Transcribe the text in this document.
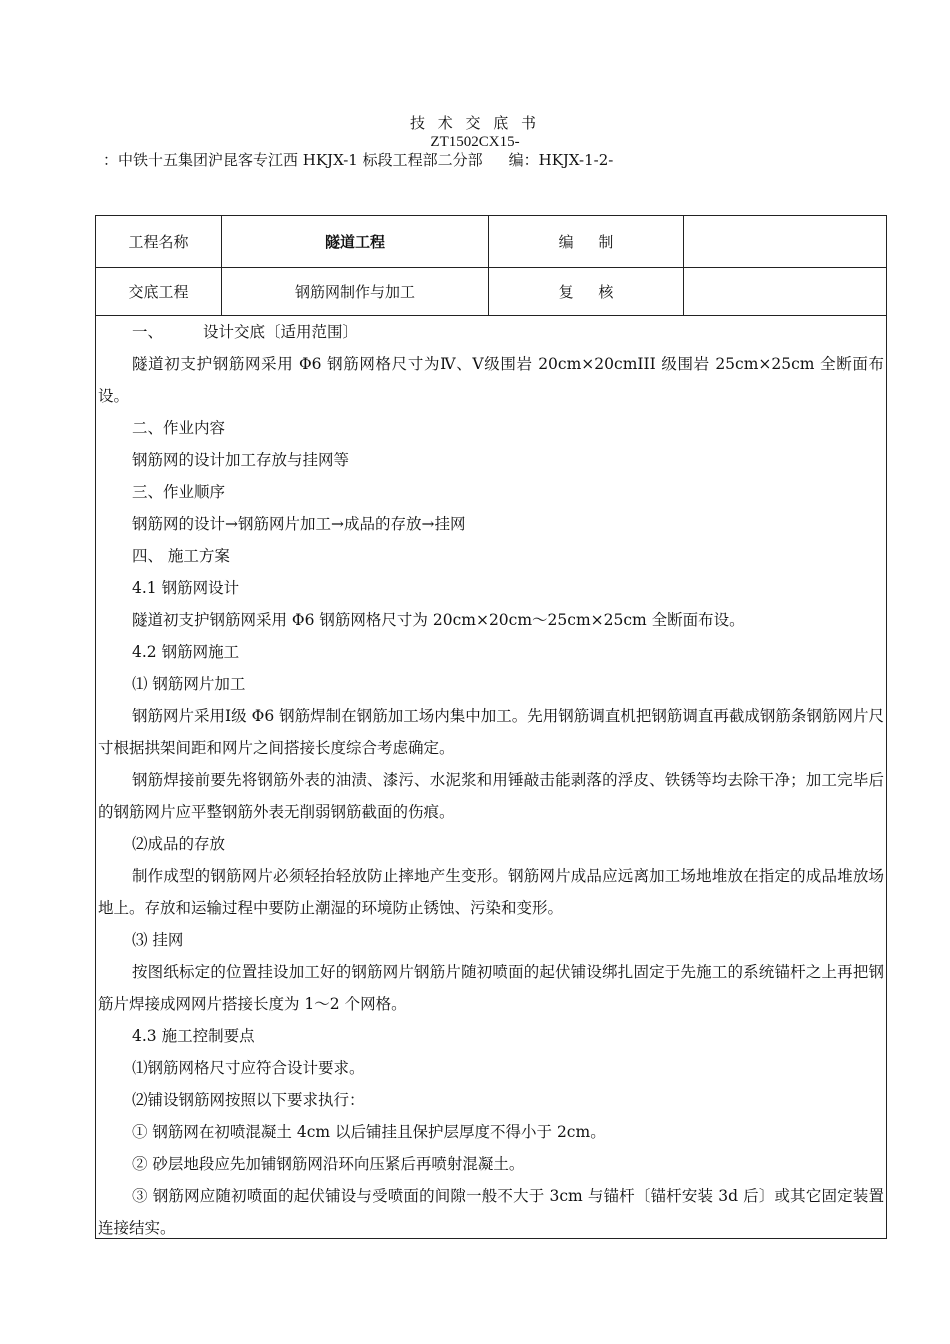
技 术 交 底 书
ZT1502CX15-
：中铁十五集团沪昆客专江西 HKJX-1 标段工程部二分部 编：HKJX-1-2-
工程名称	隧道工程	编 制
交底工程	钢筋网制作与加工	复 核

一、	设计交底〔适用范围〕

隧道初支护钢筋网采用 Φ6 钢筋网格尺寸为Ⅳ、Ⅴ级围岩 20cm×20cmIII 级围岩 25cm×25cm 全断面布设。

二、作业内容

钢筋网的设计加工存放与挂网等

三、作业顺序

钢筋网的设计→钢筋网片加工→成品的存放→挂网

四、 施工方案

4.1 钢筋网设计

隧道初支护钢筋网采用 Φ6 钢筋网格尺寸为 20cm×20cm～25cm×25cm 全断面布设。

4.2 钢筋网施工

⑴ 钢筋网片加工

钢筋网片采用Ⅰ级 Φ6 钢筋焊制在钢筋加工场内集中加工。先用钢筋调直机把钢筋调直再截成钢筋条钢筋网片尺寸根据拱架间距和网片之间搭接长度综合考虑确定。

钢筋焊接前要先将钢筋外表的油渍、漆污、水泥浆和用锤敲击能剥落的浮皮、铁锈等均去除干净；加工完毕后的钢筋网片应平整钢筋外表无削弱钢筋截面的伤痕。

⑵成品的存放

制作成型的钢筋网片必须轻抬轻放防止摔地产生变形。钢筋网片成品应远离加工场地堆放在指定的成品堆放场地上。存放和运输过程中要防止潮湿的环境防止锈蚀、污染和变形。

⑶ 挂网

按图纸标定的位置挂设加工好的钢筋网片钢筋片随初喷面的起伏铺设绑扎固定于先施工的系统锚杆之上再把钢筋片焊接成网网片搭接长度为 1～2 个网格。

4.3 施工控制要点

⑴钢筋网格尺寸应符合设计要求。

⑵铺设钢筋网按照以下要求执行：

① 钢筋网在初喷混凝土 4cm 以后铺挂且保护层厚度不得小于 2cm。

② 砂层地段应先加铺钢筋网沿环向压紧后再喷射混凝土。

③ 钢筋网应随初喷面的起伏铺设与受喷面的间隙一般不大于 3cm 与锚杆〔锚杆安装 3d 后〕或其它固定装置连接结实。
